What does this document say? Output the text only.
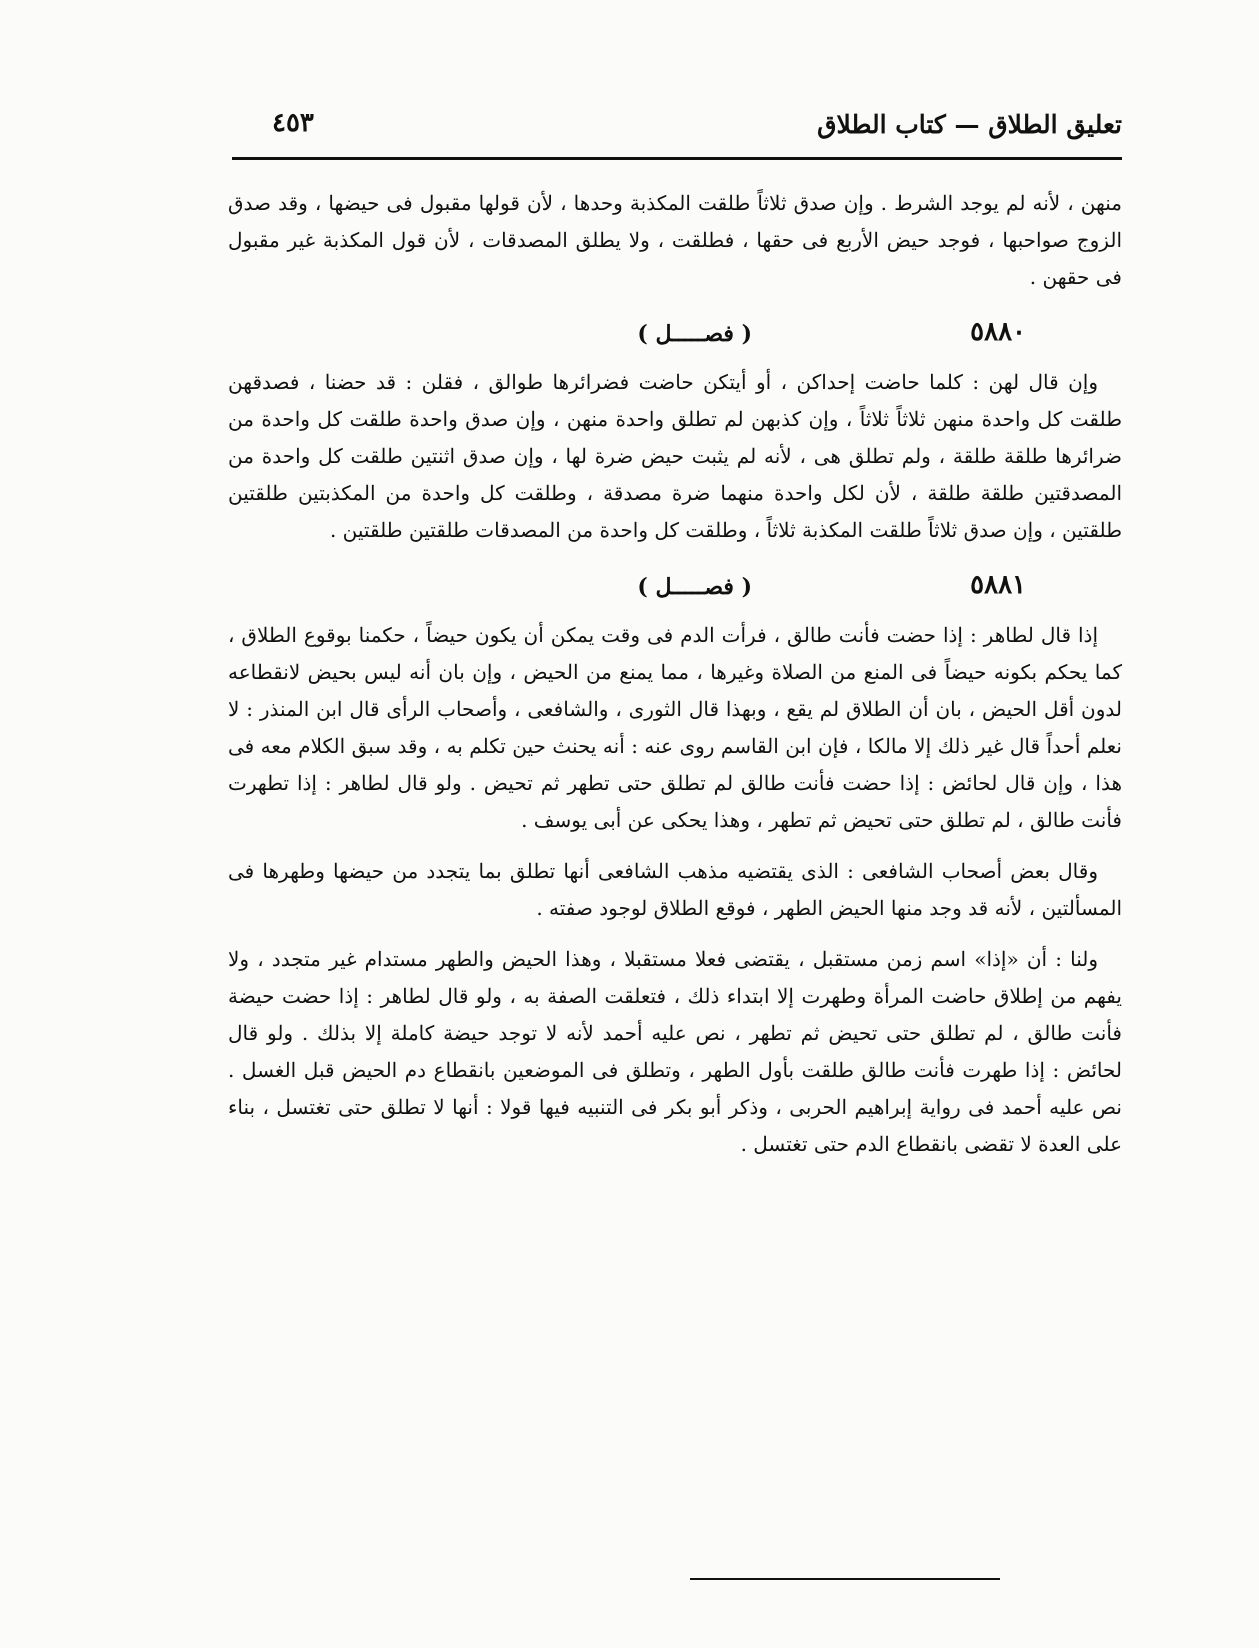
تعليق الطلاق — كتاب الطلاق
٤٥٣

منهن ، لأنه لم يوجد الشرط . وإن صدق ثلاثاً طلقت المكذبة وحدها ، لأن قولها مقبول فى حيضها ، وقد صدق الزوج صواحبها ، فوجد حيض الأربع فى حقها ، فطلقت ، ولا يطلق المصدقات ، لأن قول المكذبة غير مقبول فى حقهن .

٥٨٨٠
( فصـــــل )

وإن قال لهن : كلما حاضت إحداكن ، أو أيتكن حاضت فضرائرها طوالق ، فقلن : قد حضنا ، فصدقهن طلقت كل واحدة منهن ثلاثاً ثلاثاً ، وإن كذبهن لم تطلق واحدة منهن ، وإن صدق واحدة طلقت كل واحدة من ضرائرها طلقة طلقة ، ولم تطلق هى ، لأنه لم يثبت حيض ضرة لها ، وإن صدق اثنتين طلقت كل واحدة من المصدقتين طلقة طلقة ، لأن لكل واحدة منهما ضرة مصدقة ، وطلقت كل واحدة من المكذبتين طلقتين طلقتين ، وإن صدق ثلاثاً طلقت المكذبة ثلاثاً ، وطلقت كل واحدة من المصدقات طلقتين طلقتين .

٥٨٨١
( فصـــــل )

إذا قال لطاهر : إذا حضت فأنت طالق ، فرأت الدم فى وقت يمكن أن يكون حيضاً ، حكمنا بوقوع الطلاق ، كما يحكم بكونه حيضاً فى المنع من الصلاة وغيرها ، مما يمنع من الحيض ، وإن بان أنه ليس بحيض لانقطاعه لدون أقل الحيض ، بان أن الطلاق لم يقع ، وبهذا قال الثورى ، والشافعى ، وأصحاب الرأى قال ابن المنذر : لا نعلم أحداً قال غير ذلك إلا مالكا ، فإن ابن القاسم روى عنه : أنه يحنث حين تكلم به ، وقد سبق الكلام معه فى هذا ، وإن قال لحائض : إذا حضت فأنت طالق لم تطلق حتى تطهر ثم تحيض . ولو قال لطاهر : إذا تطهرت فأنت طالق ، لم تطلق حتى تحيض ثم تطهر ، وهذا يحكى عن أبى يوسف .

وقال بعض أصحاب الشافعى : الذى يقتضيه مذهب الشافعى أنها تطلق بما يتجدد من حيضها وطهرها فى المسألتين ، لأنه قد وجد منها الحيض الطهر ، فوقع الطلاق لوجود صفته .

ولنا : أن «إذا» اسم زمن مستقبل ، يقتضى فعلا مستقبلا ، وهذا الحيض والطهر مستدام غير متجدد ، ولا يفهم من إطلاق حاضت المرأة وطهرت إلا ابتداء ذلك ، فتعلقت الصفة به ، ولو قال لطاهر : إذا حضت حيضة فأنت طالق ، لم تطلق حتى تحيض ثم تطهر ، نص عليه أحمد لأنه لا توجد حيضة كاملة إلا بذلك . ولو قال لحائض : إذا طهرت فأنت طالق طلقت بأول الطهر ، وتطلق فى الموضعين بانقطاع دم الحيض قبل الغسل . نص عليه أحمد فى رواية إبراهيم الحربى ، وذكر أبو بكر فى التنبيه فيها قولا : أنها لا تطلق حتى تغتسل ، بناء على العدة لا تقضى بانقطاع الدم حتى تغتسل .
